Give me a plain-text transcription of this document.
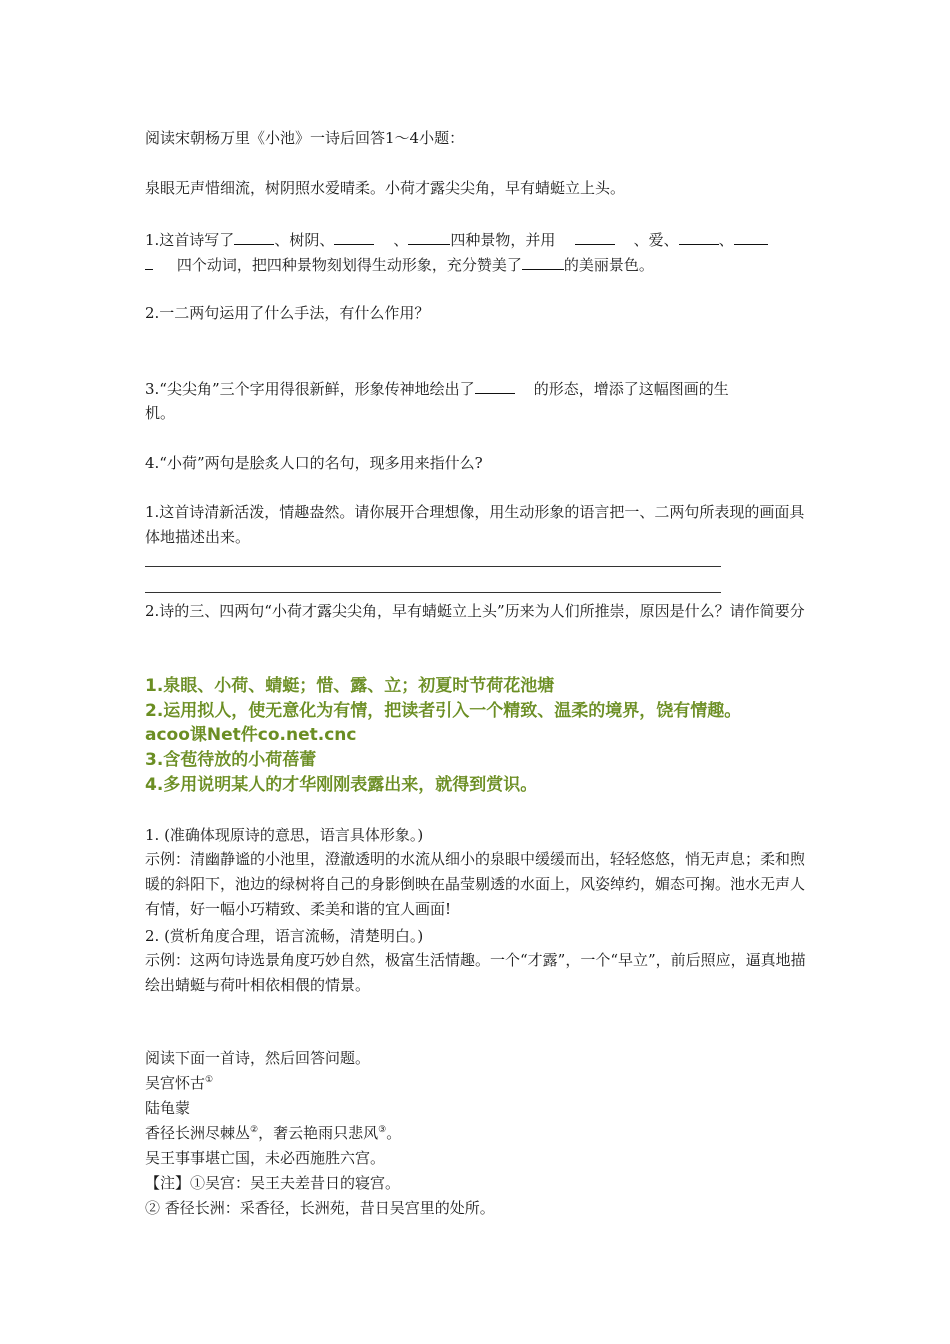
阅读宋朝杨万里《小池》一诗后回答1～4小题：
泉眼无声惜细流，树阴照水爱晴柔。小荷才露尖尖角，早有蜻蜓立上头。
1.这首诗写了	、树阴、	、	四种景物，并用	、爱、	、
四个动词，把四种景物刻划得生动形象，充分赞美了	的美丽景色。
2.一二两句运用了什么手法，有什么作用？
3.“尖尖角”三个字用得很新鲜，形象传神地绘出了	的形态，增添了这幅图画的生
机。
4.“小荷”两句是脍炙人口的名句，现多用来指什么?
1.这首诗清新活泼，情趣盎然。请你展开合理想像，用生动形象的语言把一、二两句所表现的画面具体地描述出来。
2.诗的三、四两句“小荷才露尖尖角，早有蜻蜓立上头”历来为人们所推崇，原因是什么？请作简要分
1.泉眼、小荷、蜻蜓；惜、露、立；初夏时节荷花池塘
2.运用拟人，使无意化为有情，把读者引入一个精致、温柔的境界，饶有情趣。
acoo课Net件co.net.cnc
3.含苞待放的小荷蓓蕾
4.多用说明某人的才华刚刚表露出来，就得到赏识。
1. (准确体现原诗的意思，语言具体形象。)
示例：清幽静谧的小池里，澄澈透明的水流从细小的泉眼中缓缓而出，轻轻悠悠，悄无声息；柔和煦暖的斜阳下，池边的绿树将自己的身影倒映在晶莹剔透的水面上，风姿绰约，媚态可掬。池水无声人有情，好一幅小巧精致、柔美和谐的宜人画面!
2. (赏析角度合理，语言流畅，清楚明白。)
示例：这两句诗选景角度巧妙自然，极富生活情趣。一个“才露”，一个“早立”，前后照应，逼真地描绘出蜻蜓与荷叶相依相偎的情景。
阅读下面一首诗，然后回答问题。
吴宫怀古①
陆龟蒙
香径长洲尽棘丛②，奢云艳雨只悲风③。
吴王事事堪亡国，未必西施胜六宫。
【注】①吴宫：吴王夫差昔日的寝宫。
② 香径长洲：采香径，长洲苑，昔日吴宫里的处所。
